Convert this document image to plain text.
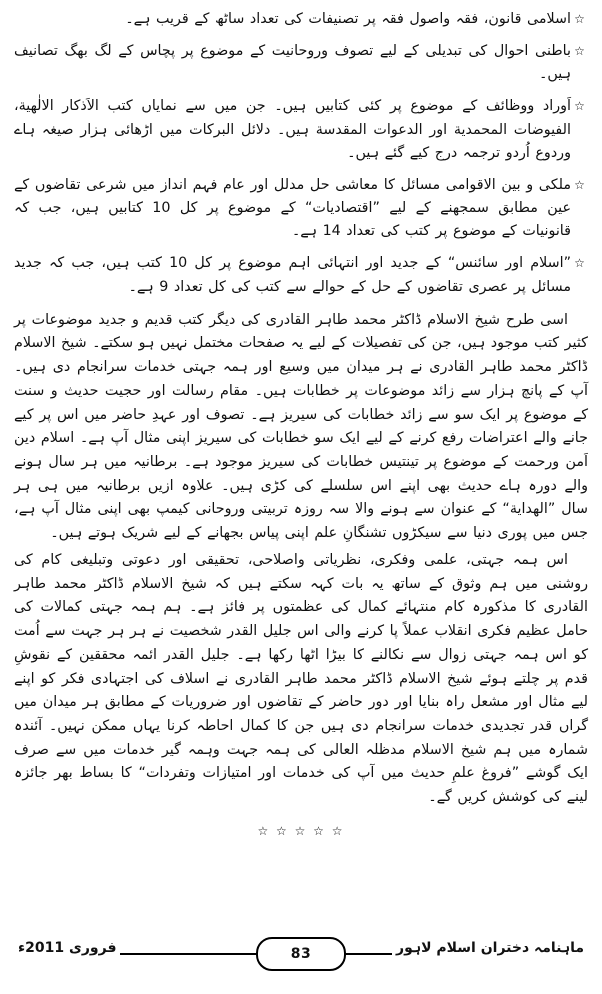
☆
اسلامی قانون، فقہ واصول فقہ پر تصنیفات کی تعداد ساٹھ کے قریب ہے۔
☆
باطنی احوال کی تبدیلی کے لیے تصوف وروحانیت کے موضوع پر پچاس کے لگ بھگ تصانیف ہیں۔
☆
اَوراد ووظائف کے موضوع پر کئی کتابیں ہیں۔ جن میں سے نمایاں کتب الاَذکار الالٰهیة، الفیوضات المحمدیة اور الدعوات المقدسة ہیں۔ دلائل البرکات میں اڑھائی ہزار صیغہ ہاے وردوع اُردو ترجمہ درج کیے گئے ہیں۔
☆
ملکی و بین الاقوامی مسائل کا معاشی حل مدلل اور عام فہم انداز میں شرعی تقاضوں کے عین مطابق سمجھنے کے لیے ”اقتصادیات“ کے موضوع پر کل 10 کتابیں ہیں، جب کہ قانونیات کے موضوع پر کتب کی تعداد 14 ہے۔
☆
”اسلام اور سائنس“ کے جدید اور انتہائی اہم موضوع پر کل 10 کتب ہیں، جب کہ جدید مسائل پر عصری تقاضوں کے حل کے حوالے سے کتب کی کل تعداد 9 ہے۔

اسی طرح شیخ الاسلام ڈاکٹر محمد طاہر القادری کی دیگر کتب قدیم و جدید موضوعات پر کثیر کتب موجود ہیں، جن کی تفصیلات کے لیے یہ صفحات مختمل نہیں ہو سکتے۔ شیخ الاسلام ڈاکٹر محمد طاہر القادری نے ہر میدان میں وسیع اور ہمہ جہتی خدمات سرانجام دی ہیں۔ آپ کے پانچ ہزار سے زائد موضوعات پر خطابات ہیں۔ مقام رسالت اور حجیت حدیث و سنت کے موضوع پر ایک سو سے زائد خطابات کی سیریز ہے۔ تصوف اور عہدِ حاضر میں اس پر کیے جانے والے اعتراضات رفع کرنے کے لیے ایک سو خطابات کی سیریز اپنی مثال آپ ہے۔ اسلام دین اَمن ورحمت کے موضوع پر تینتیس خطابات کی سیریز موجود ہے۔ برطانیہ میں ہر سال ہونے والے دورہ ہاے حدیث بھی اپنے اس سلسلے کی کڑی ہیں۔ علاوہ ازیں برطانیہ میں ہی ہر سال ”الھدایة“ کے عنوان سے ہونے والا سہ روزہ تربیتی وروحانی کیمپ بھی اپنی مثال آپ ہے، جس میں پوری دنیا سے سیکڑوں تشنگانِ علم اپنی پیاس بجھانے کے لیے شریک ہوتے ہیں۔

اس ہمہ جہتی، علمی وفکری، نظریاتی واصلاحی، تحقیقی اور دعوتی وتبلیغی کام کی روشنی میں ہم وثوق کے ساتھ یہ بات کہہ سکتے ہیں کہ شیخ الاسلام ڈاکٹر محمد طاہر القادری کا مذکورہ کام منتہائے کمال کی عظمتوں پر فائز ہے۔ ہم ہمہ جہتی کمالات کی حامل عظیم فکری انقلاب عملاً پا کرنے والی اس جلیل القدر شخصیت نے ہر ہر جہت سے اُمت کو اس ہمہ جہتی زوال سے نکالنے کا بیڑا اٹھا رکھا ہے۔ جلیل القدر ائمہ محققین کے نقوشِ قدم پر چلتے ہوئے شیخ الاسلام ڈاکٹر محمد طاہر القادری نے اسلاف کی اجتہادی فکر کو اپنے لیے مثال اور مشعل راہ بنایا اور دور حاضر کے تقاضوں اور ضروریات کے مطابق ہر میدان میں گراں قدر تجدیدی خدمات سرانجام دی ہیں جن کا کمال احاطہ کرنا یہاں ممکن نہیں۔ آئندہ شمارہ میں ہم شیخ الاسلام مدظلہ العالی کی ہمہ جہت وہمہ گیر خدمات میں سے صرف ایک گوشے ”فروغ علمِ حدیث میں آپ کی خدمات اور امتیازات وتفردات“ کا بساط بھر جائزہ لینے کی کوشش کریں گے۔

☆ ☆ ☆ ☆ ☆
فروری 2011ء	ماہنامہ دختران اسلام لاہور
83
